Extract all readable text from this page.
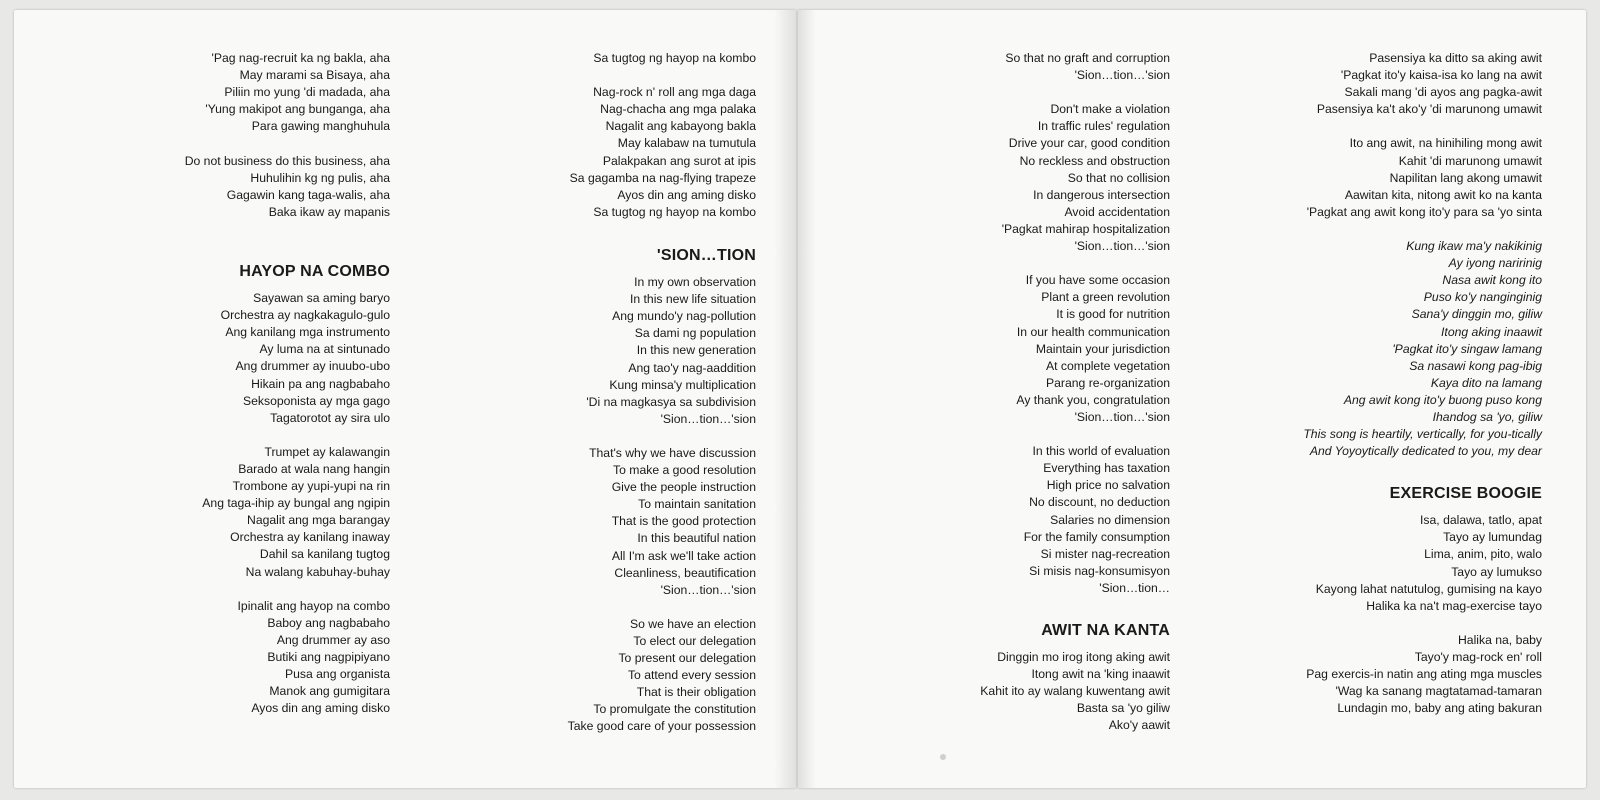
'Pag nag-recruit ka ng bakla, aha
May marami sa Bisaya, aha
Piliin mo yung 'di madada, aha
'Yung makipot ang bunganga, aha
Para gawing manghuhula
Do not business do this business, aha
Huhulihin kg ng pulis, aha
Gagawin kang taga-walis, aha
Baka ikaw ay mapanis
HAYOP NA COMBO
Sayawan sa aming baryo
Orchestra ay nagkakagulo-gulo
Ang kanilang mga instrumento
Ay luma na at sintunado
Ang drummer ay inuubo-ubo
Hikain pa ang nagbabaho
Seksoponista ay mga gago
Tagatorotot ay sira ulo
Trumpet ay kalawangin
Barado at wala nang hangin
Trombone ay yupi-yupi na rin
Ang taga-ihip ay bungal ang ngipin
Nagalit ang mga barangay
Orchestra ay kanilang inaway
Dahil sa kanilang tugtog
Na walang kabuhay-buhay
Ipinalit ang hayop na combo
Baboy ang nagbabaho
Ang drummer ay aso
Butiki ang nagpipiyano
Pusa ang organista
Manok ang gumigitara
Ayos din ang aming disko
Sa tugtog ng hayop na kombo
Nag-rock n' roll ang mga daga
Nag-chacha ang mga palaka
Nagalit ang kabayong bakla
May kalabaw na tumutula
Palakpakan ang surot at ipis
Sa gagamba na nag-flying trapeze
Ayos din ang aming disko
Sa tugtog ng hayop na kombo
'SION…TION
In my own observation
In this new life situation
Ang mundo'y nag-pollution
Sa dami ng population
In this new generation
Ang tao'y nag-aaddition
Kung minsa'y multiplication
'Di na magkasya sa subdivision
'Sion…tion…'sion
That's why we have discussion
To make a good resolution
Give the people instruction
To maintain sanitation
That is the good protection
In this beautiful nation
All I'm ask we'll take action
Cleanliness, beautification
'Sion…tion…'sion
So we have an election
To elect our delegation
To present our delegation
To attend every session
That is their obligation
To promulgate the constitution
Take good care of your possession
So that no graft and corruption
'Sion…tion…'sion
Don't make a violation
In traffic rules' regulation
Drive your car, good condition
No reckless and obstruction
So that no collision
In dangerous intersection
Avoid accidentation
'Pagkat mahirap hospitalization
'Sion…tion…'sion
If you have some occasion
Plant a green revolution
It is good for nutrition
In our health communication
Maintain your jurisdiction
At complete vegetation
Parang re-organization
Ay thank you, congratulation
'Sion…tion…'sion
In this world of evaluation
Everything has taxation
High price no salvation
No discount, no deduction
Salaries no dimension
For the family consumption
Si mister nag-recreation
Si misis nag-konsumisyon
'Sion…tion…
AWIT NA KANTA
Dinggin mo irog itong aking awit
Itong awit na 'king inaawit
Kahit ito ay walang kuwentang awit
Basta sa 'yo giliw
Ako'y aawit
Pasensiya ka ditto sa aking awit
'Pagkat ito'y kaisa-isa ko lang na awit
Sakali mang 'di ayos ang pagka-awit
Pasensiya ka't ako'y 'di marunong umawit
Ito ang awit, na hinihiling mong awit
Kahit 'di marunong umawit
Napilitan lang akong umawit
Aawitan kita, nitong awit ko na kanta
'Pagkat ang awit kong ito'y para sa 'yo sinta
Kung ikaw ma'y nakikinig
Ay iyong naririnig
Nasa awit kong ito
Puso ko'y nanginginig
Sana'y dinggin mo, giliw
Itong aking inaawit
'Pagkat ito'y singaw lamang
Sa nasawi kong pag-ibig
Kaya dito na lamang
Ang awit kong ito'y buong puso kong
Ihandog sa 'yo, giliw
This song is heartily, vertically, for you-tically
And Yoyoytically dedicated to you, my dear
EXERCISE BOOGIE
Isa, dalawa, tatlo, apat
Tayo ay lumundag
Lima, anim, pito, walo
Tayo ay lumukso
Kayong lahat natutulog, gumising na kayo
Halika ka na't mag-exercise tayo
Halika na, baby
Tayo'y mag-rock en' roll
Pag exercis-in natin ang ating mga muscles
'Wag ka sanang magtatamad-tamaran
Lundagin mo, baby ang ating bakuran
